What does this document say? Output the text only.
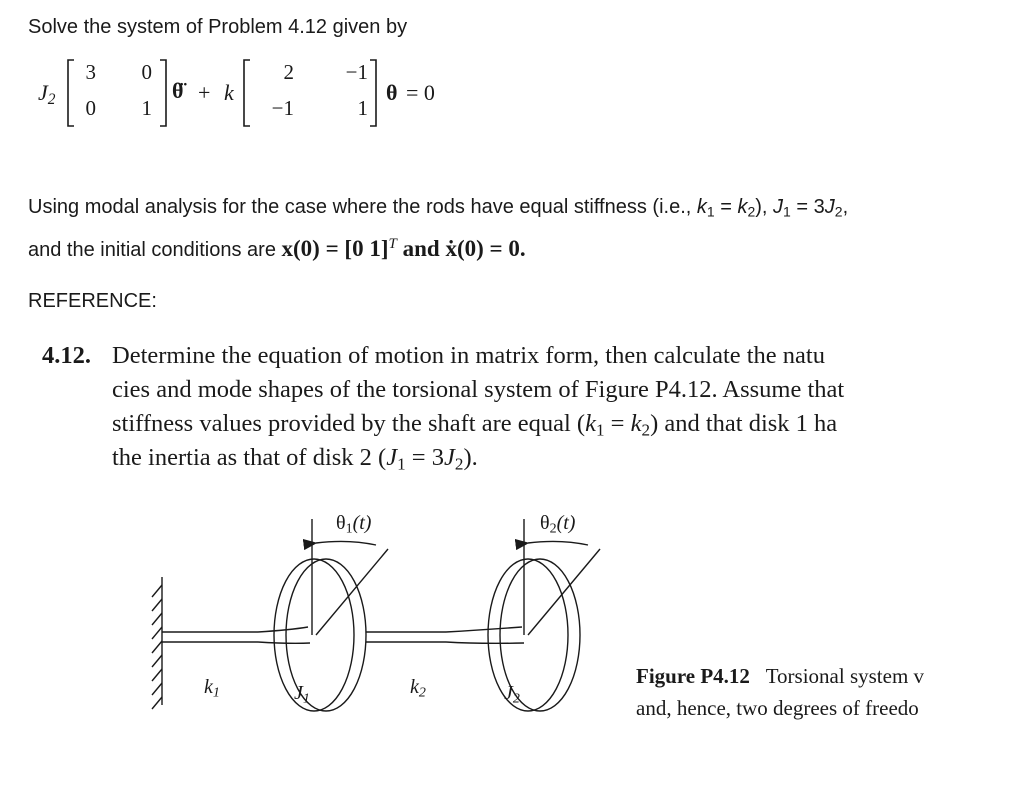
Solve the system of Problem 4.12 given by
$J_2$
3	0
0	1
θ̈ + k
2	−1
−1	1
θ = 0
Using modal analysis for the case where the rods have equal stiffness (i.e., $k_1 = k_2$), $J_1 = 3J_2$,
and the initial conditions are x(0) = [0 1]$^T$ and ẋ(0) = 0.
REFERENCE:
4.12. Determine the equation of motion in matrix form, then calculate the natu
cies and mode shapes of the torsional system of Figure P4.12. Assume that
stiffness values provided by the shaft are equal $(k_1 = k_2)$ and that disk 1 ha
the inertia as that of disk 2 $(J_1 = 3J_2)$.
$\theta_1(t)$	$\theta_2(t)$
$k_1$	$J_1$
$k_2$	$J_2$
Figure P4.12 Torsional system v
and, hence, two degrees of freedo
